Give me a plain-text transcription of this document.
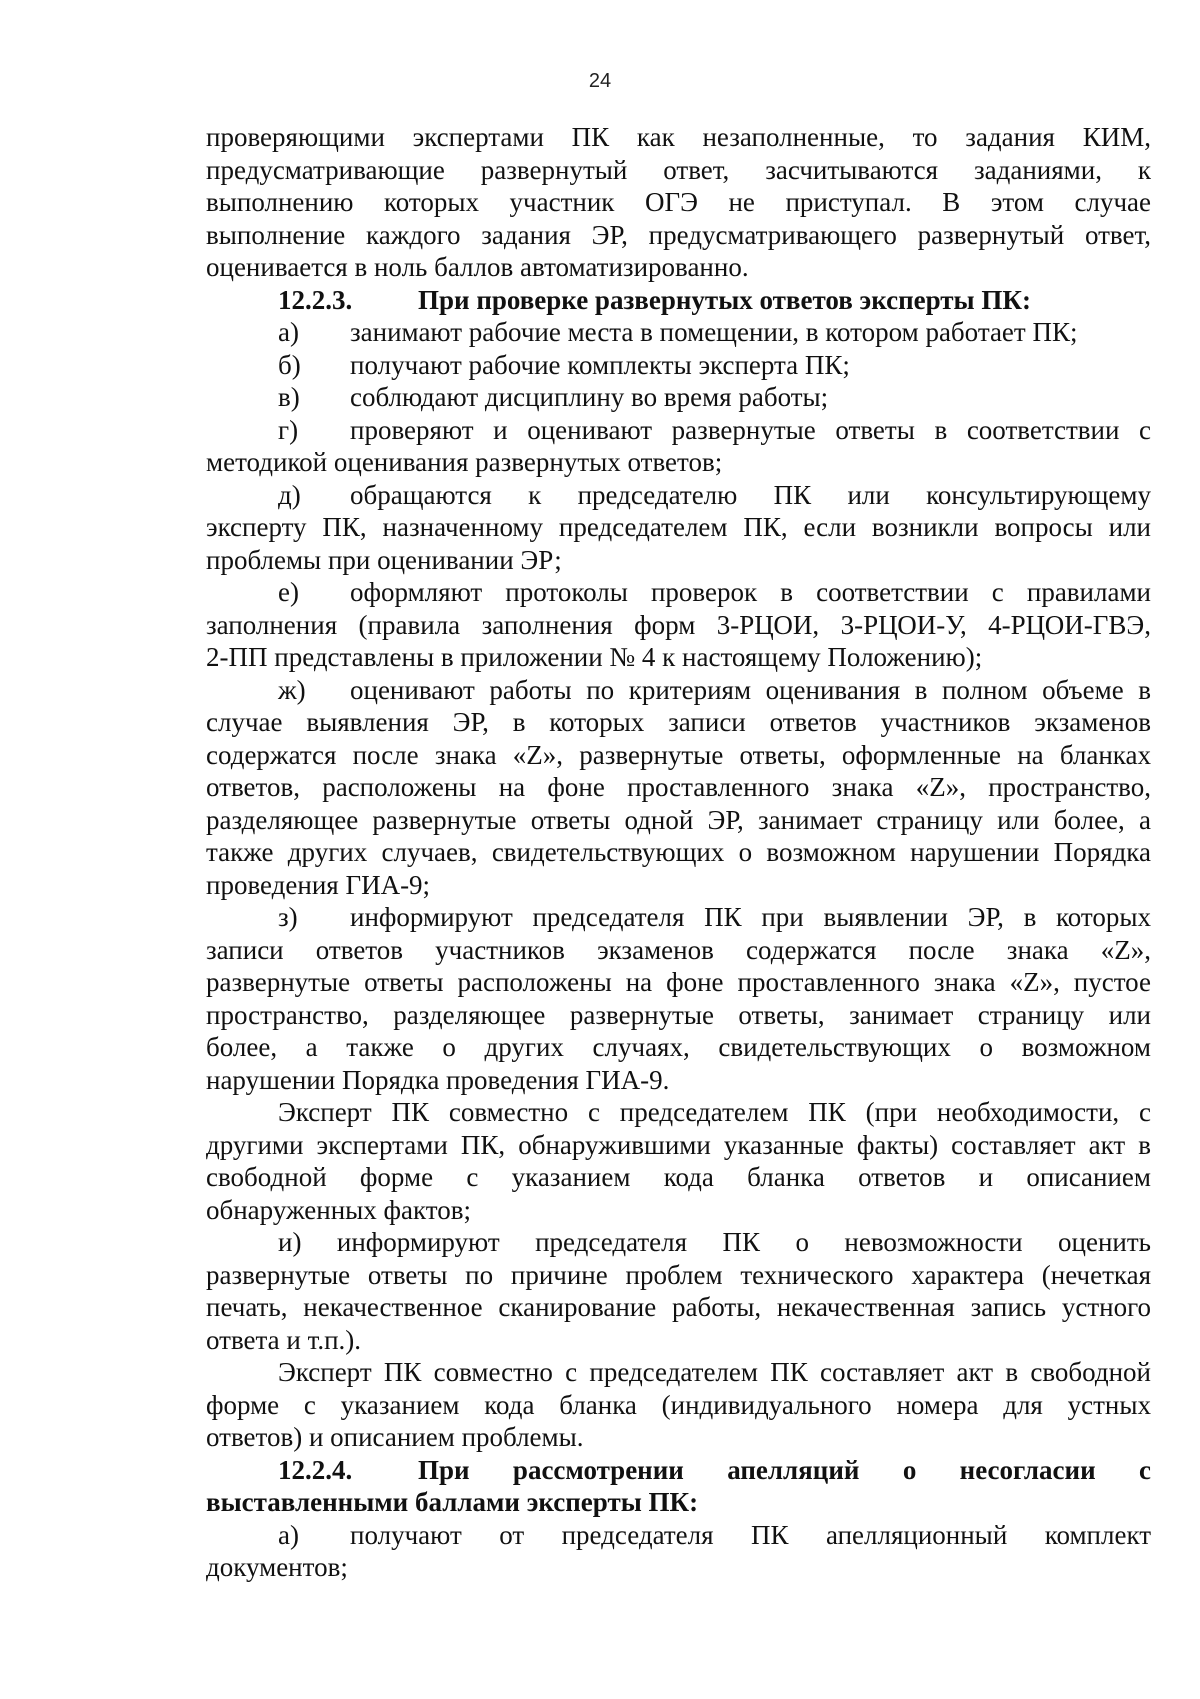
24
проверяющими экспертами ПК как незаполненные, то задания КИМ,
предусматривающие развернутый ответ, засчитываются заданиями, к
выполнению которых участник ОГЭ не приступал. В этом случае
выполнение каждого задания ЭР, предусматривающего развернутый ответ,
оценивается в ноль баллов автоматизированно.
12.2.3. При проверке развернутых ответов эксперты ПК:
а) занимают рабочие места в помещении, в котором работает ПК;
б) получают рабочие комплекты эксперта ПК;
в) соблюдают дисциплину во время работы;
г) проверяют и оценивают развернутые ответы в соответствии с
методикой оценивания развернутых ответов;
д) обращаются к председателю ПК или консультирующему
эксперту ПК, назначенному председателем ПК, если возникли вопросы или
проблемы при оценивании ЭР;
е) оформляют протоколы проверок в соответствии с правилами
заполнения (правила заполнения форм 3-РЦОИ, 3-РЦОИ-У, 4-РЦОИ-ГВЭ,
2-ПП представлены в приложении № 4 к настоящему Положению);
ж) оценивают работы по критериям оценивания в полном объеме в
случае выявления ЭР, в которых записи ответов участников экзаменов
содержатся после знака «Z», развернутые ответы, оформленные на бланках
ответов, расположены на фоне проставленного знака «Z», пространство,
разделяющее развернутые ответы одной ЭР, занимает страницу или более, а
также других случаев, свидетельствующих о возможном нарушении Порядка
проведения ГИА-9;
з) информируют председателя ПК при выявлении ЭР, в которых
записи ответов участников экзаменов содержатся после знака «Z»,
развернутые ответы расположены на фоне проставленного знака «Z», пустое
пространство, разделяющее развернутые ответы, занимает страницу или
более, а также о других случаях, свидетельствующих о возможном
нарушении Порядка проведения ГИА-9.
Эксперт ПК совместно с председателем ПК (при необходимости, с
другими экспертами ПК, обнаружившими указанные факты) составляет акт в
свободной форме с указанием кода бланка ответов и описанием
обнаруженных фактов;
и) информируют председателя ПК о невозможности оценить
развернутые ответы по причине проблем технического характера (нечеткая
печать, некачественное сканирование работы, некачественная запись устного
ответа и т.п.).
Эксперт ПК совместно с председателем ПК составляет акт в свободной
форме с указанием кода бланка (индивидуального номера для устных
ответов) и описанием проблемы.
12.2.4. При рассмотрении апелляций о несогласии с
выставленными баллами эксперты ПК:
а) получают от председателя ПК апелляционный комплект
документов;
